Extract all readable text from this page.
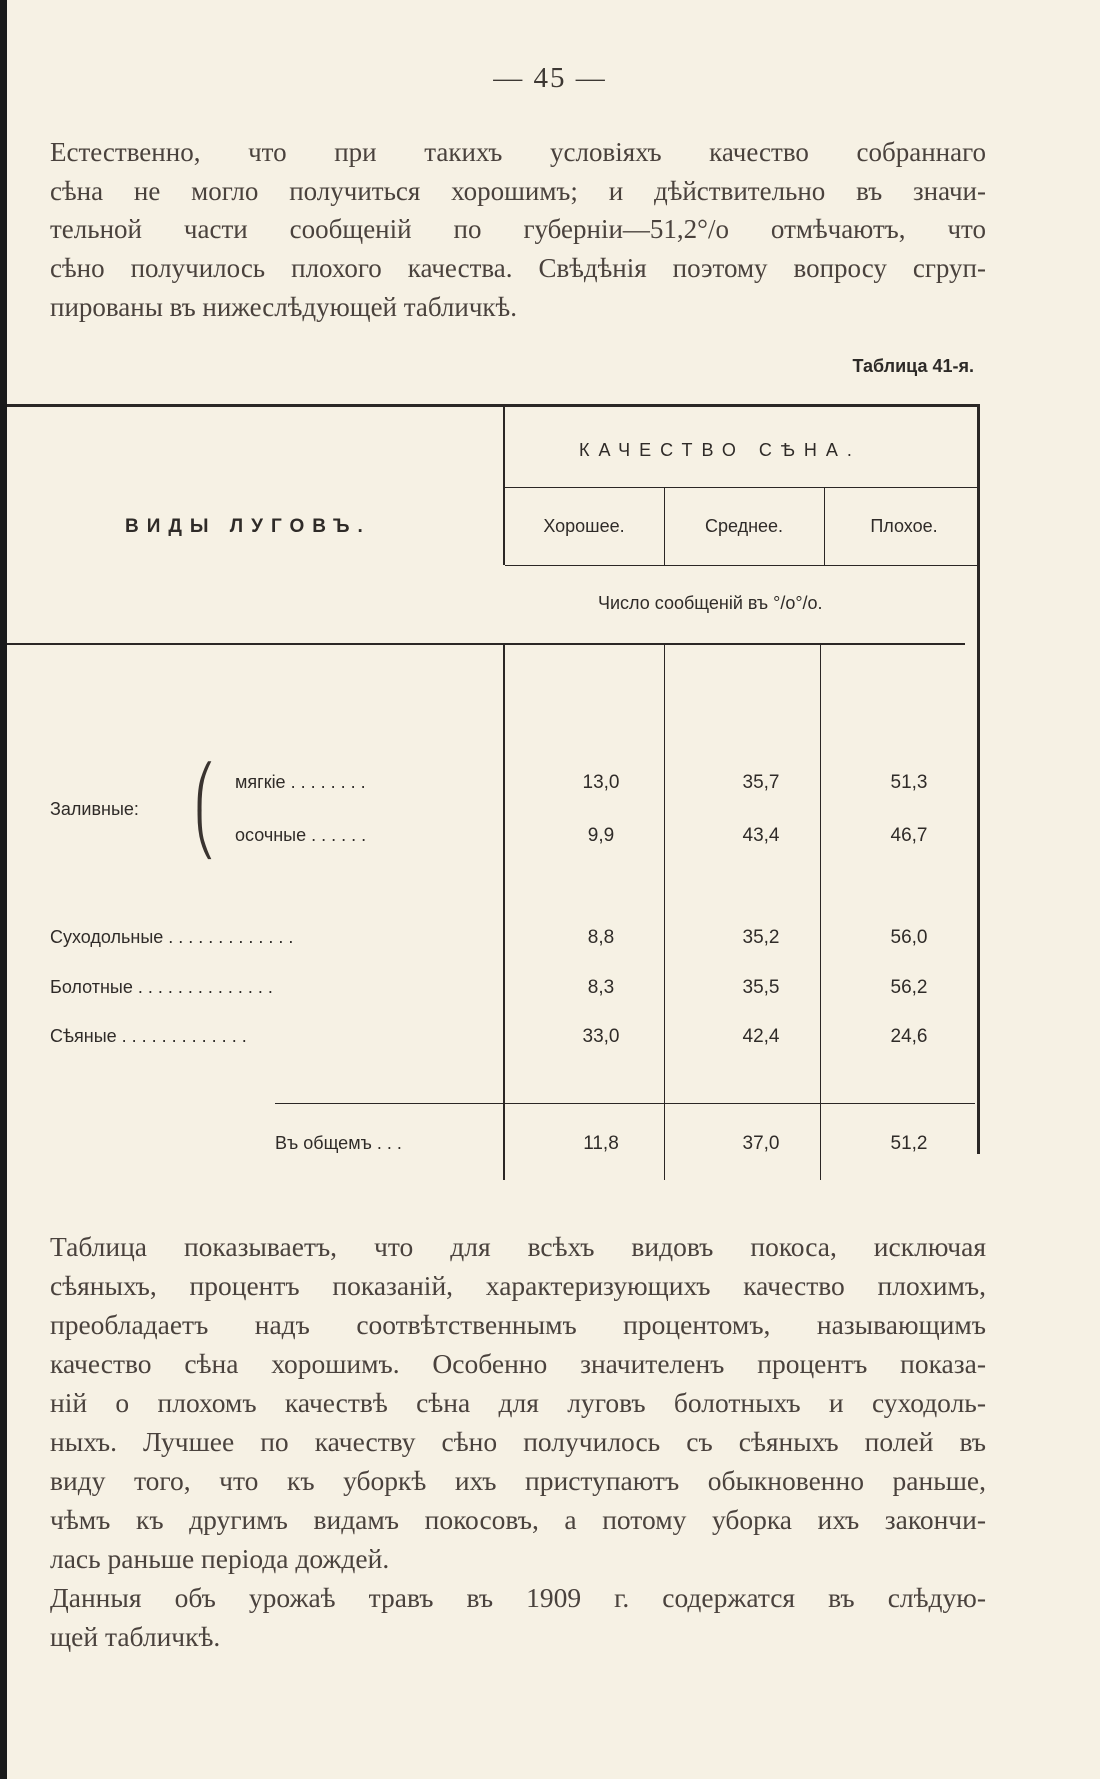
— 45 —

Естественно, что при такихъ условіяхъ качество собраннаго

сѣна не могло получиться хорошимъ; и дѣйствительно въ значи-

тельной части сообщеній по губерніи—51,2°/о отмѣчаютъ, что

сѣно получилось плохого качества. Свѣдѣнія поэтому вопросу сгруп-

пированы въ нижеслѣдующей табличкѣ.

Таблица 41-я.
ВИДЫ ЛУГОВЪ.
КАЧЕСТВО СѢНА.
Хорошее.	Среднее.	Плохое.
Число сообщеній въ °/о°/о.
Заливные: ⎛
⎝
мягкіе . . . . . . . .	13,0	35,7	51,3
осочные . . . . . .	9,9	43,4	46,7
Суходольные . . . . . . . . . . . . .	8,8	35,2	56,0
Болотные . . . . . . . . . . . . . .	8,3	35,5	56,2
Сѣяные . . . . . . . . . . . . .	33,0	42,4	24,6
Въ общемъ . . .	11,8	37,0	51,2

Таблица показываетъ, что для всѣхъ видовъ покоса, исключая

сѣяныхъ, процентъ показаній, характеризующихъ качество плохимъ,

преобладаетъ надъ соотвѣтственнымъ процентомъ, называющимъ

качество сѣна хорошимъ. Особенно значителенъ процентъ показа-

ній о плохомъ качествѣ сѣна для луговъ болотныхъ и суходоль-

ныхъ. Лучшее по качеству сѣно получилось съ сѣяныхъ полей въ

виду того, что къ уборкѣ ихъ приступаютъ обыкновенно раньше,

чѣмъ къ другимъ видамъ покосовъ, а потому уборка ихъ закончи-

лась раньше періода дождей.

Данныя объ урожаѣ травъ въ 1909 г. содержатся въ слѣдую-

щей табличкѣ.
